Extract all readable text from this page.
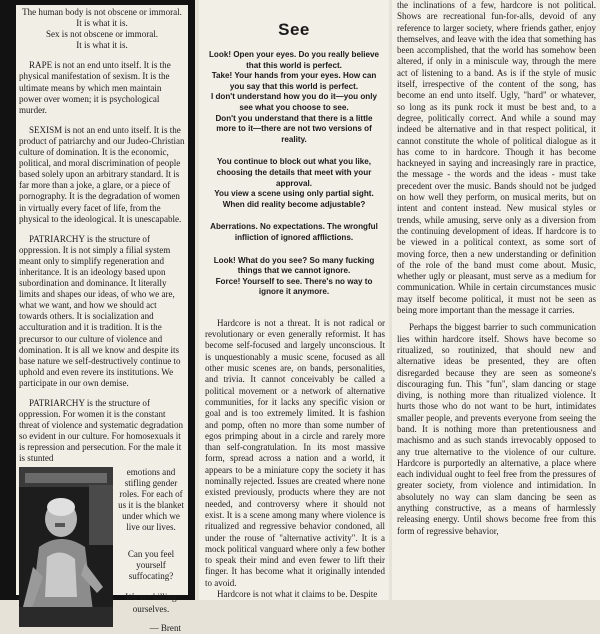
The human body is not obscene or immoral.

It is what it is.

Sex is not obscene or immoral.

It is what it is.

RAPE is not an end unto itself. It is the physical manifestation of sexism. It is the ultimate means by which men maintain power over women; it is psychological murder.

SEXISM is not an end unto itself. It is the product of patriarchy and our Judeo-Christian culture of domination. It is the economic, political, and moral discrimination of people based solely upon an arbitrary standard. It is far more than a joke, a glare, or a piece of pornography. It is the degradation of women in virtually every facet of life, from the physical to the ideological. It is unescapable.

PATRIARCHY is the structure of oppression. It is not simply a filial system meant only to simplify regeneration and inheritance. It is an ideology based upon subordination and dominance. It literally limits and shapes our ideas, of who we are, what we want, and how we should act towards others. It is socialization and acculturation and it is tradition. It is the precursor to our culture of violence and domination. It is all we know and despite its base nature we self-destructively continue to uphold and even revere its institutions. We participate in our own demise.

PATRIARCHY is the structure of oppression. For women it is the constant threat of violence and systematic degradation so evident in our culture. For homosexuals it is repression and persecution. For the male it is stunted

emotions and stifling gender roles. For each of us it is the blanket under which we live our lives.

Can you feel yourself suffocating?

We are killing ourselves.

— Brent

See
Look! Open your eyes. Do you really believe that this world is perfect.
Take! Your hands from your eyes. How can you say that this world is perfect.
I don't understand how you do it—you only see what you choose to see.
Don't you understand that there is a little more to it—there are not two versions of reality.
You continue to block out what you like, choosing the details that meet with your approval.
You view a scene using only partial sight. When did reality become adjustable?
Aberrations. No expectations. The wrongful infliction of ignored afflictions.
Look! What do you see? So many fucking things that we cannot ignore.
Force! Yourself to see. There's no way to ignore it anymore.

Hardcore is not a threat. It is not radical or revolutionary or even generally reformist. It has become self-focused and largely unconscious. It is unquestionably a music scene, focused as all other music scenes are, on bands, personalities, and trivia. It cannot conceivably be called a political movement or a network of alternative communities, for it lacks any specific vision or goal and is too extremely limited. It is fashion and pomp, often no more than some number of egos primping about in a circle and rarely more than self-congratulation. In its most massive form, spread across a nation and a world, it appears to be a miniature copy the society it has nominally rejected. Issues are created where none existed previously, products where they are not needed, and controversy where it should not exist. It is a scene among many where violence is ritualized and regressive behavior condoned, all under the rouse of "alternative activity". It is a mock political vanguard where only a few bother to speak their mind and even fewer to lift their finger. It has become what it originally intended to avoid.

Hardcore is not what it claims to be. Despite

the inclinations of a few, hardcore is not political. Shows are recreational fun-for-alls, devoid of any reference to larger society, where friends gather, enjoy themselves, and leave with the idea that something has been accomplished, that the world has somehow been altered, if only in a miniscule way, through the mere act of listening to a band. As is if the style of music itself, irrespective of the content of the song, has become an end unto itself. Ugly, "hard" or whatever, so long as its punk rock it must be best and, to a degree, politically correct. And while a sound may indeed be alternative and in that respect political, it cannot constitute the whole of political dialogue as it has come to in hardcore. Though it has become hackneyed in saying and increasingly rare in practice, the message - the words and the ideas - must take precedent over the music. Bands should not be judged on how well they perform, on musical merits, but on intent and content instead. New musical styles or trends, while amusing, serve only as a diversion from the continuing development of ideas. If hardcore is to be viewed in a political context, as some sort of moving force, then a new understanding or definition of the role of the band must come about. Music, whether ugly or pleasant, must serve as a medium for communication. While in certain circumstances music may itself become political, it must not be seen as being more important than the message it carries.

Perhaps the biggest barrier to such communication lies within hardcore itself. Shows have become so ritualized, so routinized, that should new and alternative ideas be presented, they are often disregarded because they are seen as someone's discouraging fun. This "fun", slam dancing or stage diving, is nothing more than ritualized violence. It hurts those who do not want to be hurt, intimidates smaller people, and prevents everyone from seeing the band. It is nothing more than pretentiousness and machismo and as such stands irrevocably opposed to any true alternative to the violence of our culture. Hardcore is purportedly an alternative, a place where each individual ought to feel free from the pressures of greater society, from violence and intimidation. In absolutely no way can slam dancing be seen as anything constructive, as a means of harmlessly releasing energy. Until shows become free from this form of regressive behavior,
